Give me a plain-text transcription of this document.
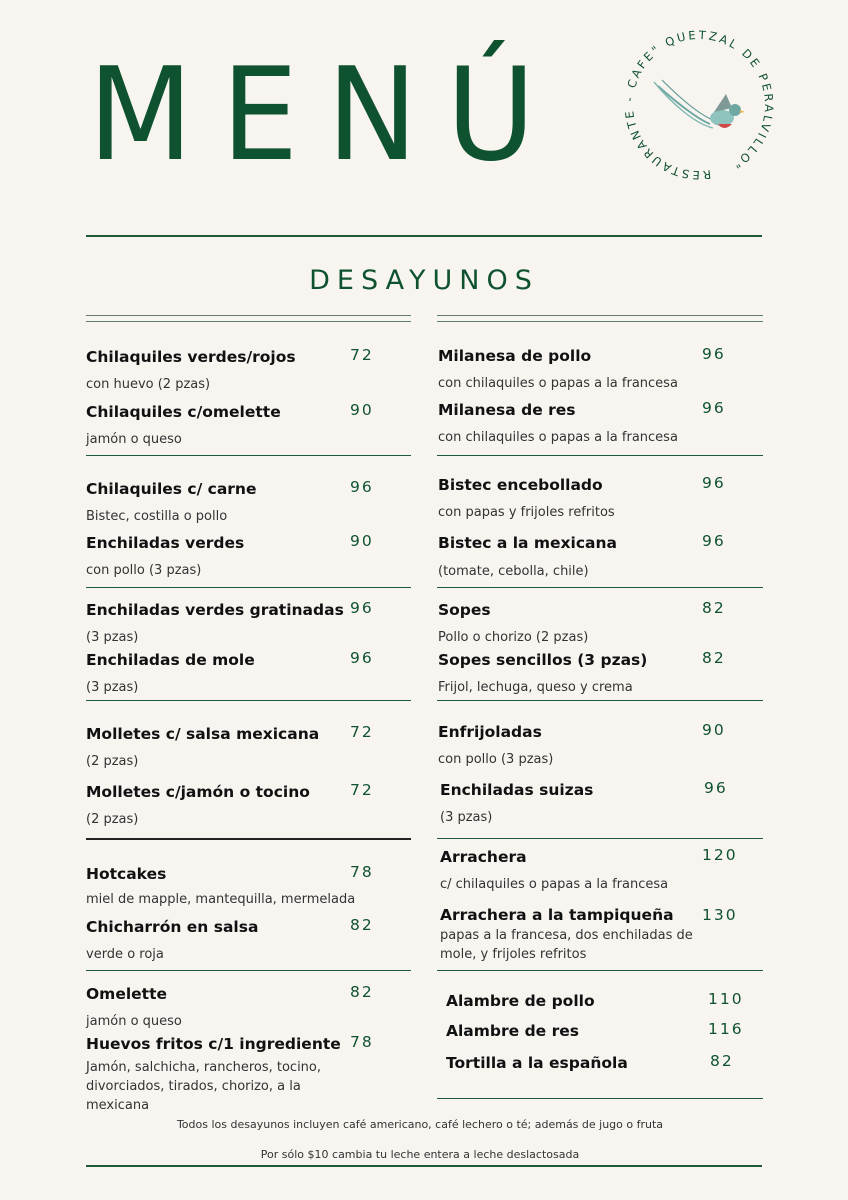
MENÚ	RESTAURANTE - CAFE" QUETZAL DE PERALVILLO"
DESAYUNOS
Chilaquiles verdes/rojos	72
con huevo (2 pzas)
Chilaquiles c/omelette	90
jamón o queso
Chilaquiles c/ carne	96
Bistec, costilla o pollo
Enchiladas verdes	90
con pollo (3 pzas)
Enchiladas verdes gratinadas 96
(3 pzas)
Enchiladas de mole	96
(3 pzas)
Molletes c/ salsa mexicana 72
(2 pzas)
Molletes c/jamón o tocino	72
(2 pzas)
Hotcakes	78
miel de mapple, mantequilla, mermelada
Chicharrón en salsa	82
verde o roja
Omelette	82
jamón o queso
Huevos fritos c/1 ingrediente 78
Jamón, salchicha, rancheros, tocino, divorciados, tirados, chorizo, a la mexicana
Milanesa de pollo	96
con chilaquiles o papas a la francesa
Milanesa de res	96
con chilaquiles o papas a la francesa
Bistec encebollado	96
con papas y frijoles refritos
Bistec a la mexicana	96
(tomate, cebolla, chile)
Sopes	82
Pollo o chorizo (2 pzas)
Sopes sencillos (3 pzas)	82
Frijol, lechuga, queso y crema
Enfrijoladas	90
con pollo (3 pzas)
Enchiladas suizas	96
(3 pzas)
Arrachera	120
c/ chilaquiles o papas a la francesa
Arrachera a la tampiqueña 130
papas a la francesa, dos enchiladas de mole, y frijoles refritos
Alambre de pollo	110
Alambre de res	116
Tortilla a la española	82
Todos los desayunos incluyen café americano, café lechero o té; además de jugo o fruta
Por sólo $10 cambia tu leche entera a leche deslactosada
